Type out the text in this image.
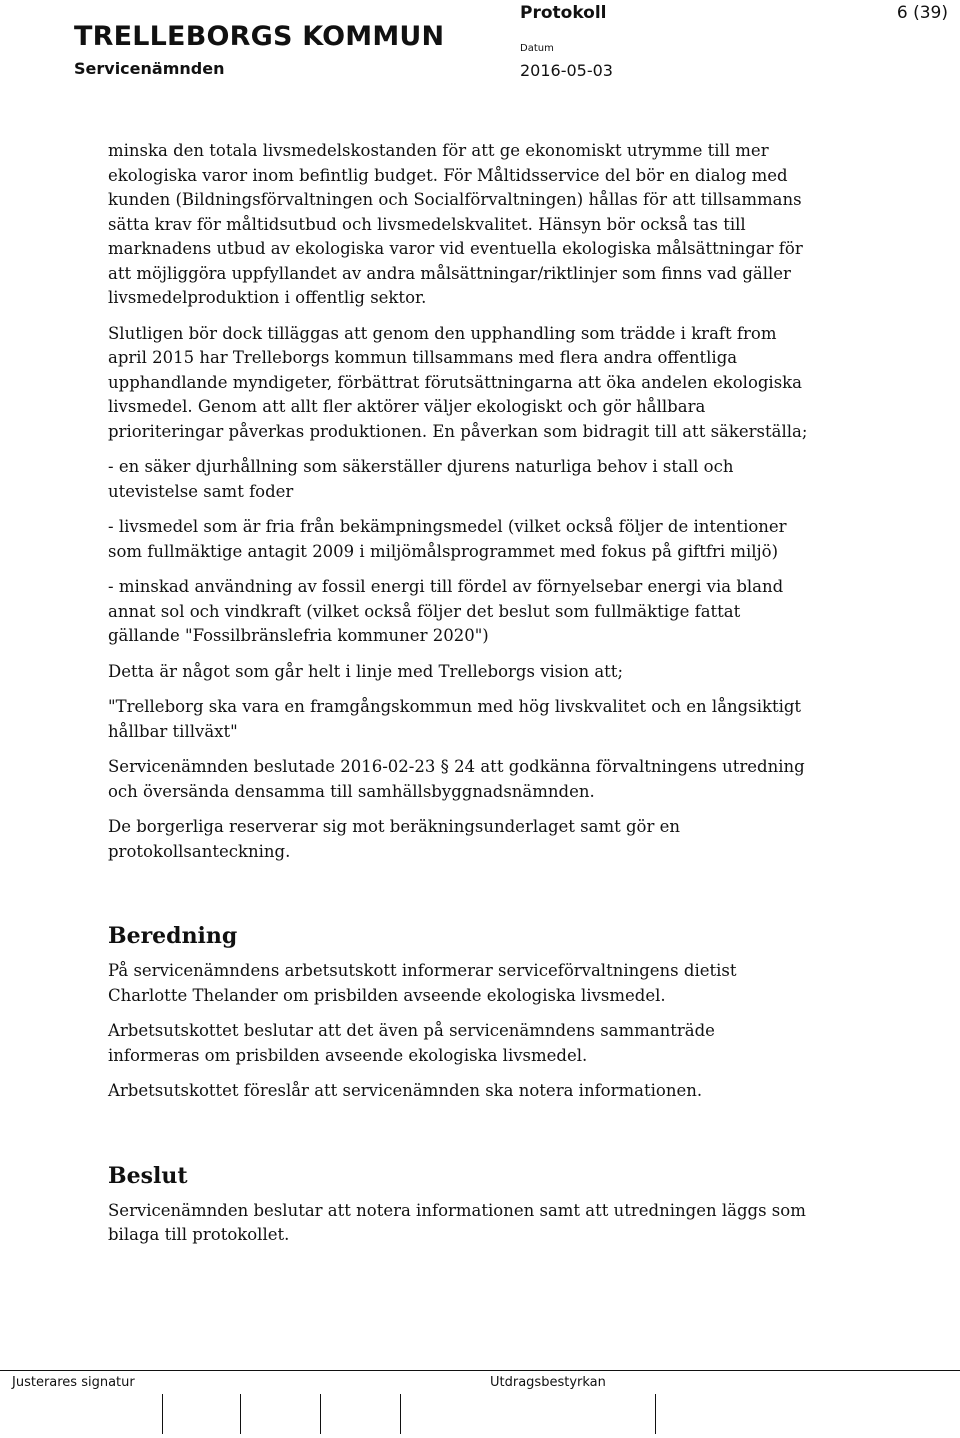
TRELLEBORGS KOMMUN
Servicenämnden
Protokoll	6 (39)
Datum
2016-05-03

minska den totala livsmedelskostanden för att ge ekonomiskt utrymme till mer ekologiska varor inom befintlig budget. För Måltidsservice del bör en dialog med kunden (Bildningsförvaltningen och Socialförvaltningen) hållas för att tillsammans sätta krav för måltidsutbud och livsmedelskvalitet. Hänsyn bör också tas till marknadens utbud av ekologiska varor vid eventuella ekologiska målsättningar för att möjliggöra uppfyllandet av andra målsättningar/riktlinjer som finns vad gäller livsmedelproduktion i offentlig sektor.

Slutligen bör dock tilläggas att genom den upphandling som trädde i kraft from april 2015 har Trelleborgs kommun tillsammans med flera andra offentliga upphandlande myndigeter, förbättrat förutsättningarna att öka andelen ekologiska livsmedel. Genom att allt fler aktörer väljer ekologiskt och gör hållbara prioriteringar påverkas produktionen. En påverkan som bidragit till att säkerställa;

- en säker djurhållning som säkerställer djurens naturliga behov i stall och utevistelse samt foder

- livsmedel som är fria från bekämpningsmedel (vilket också följer de intentioner som fullmäktige antagit 2009 i miljömålsprogrammet med fokus på giftfri miljö)

- minskad användning av fossil energi till fördel av förnyelsebar energi via bland annat sol och vindkraft (vilket också följer det beslut som fullmäktige fattat gällande "Fossilbränslefria kommuner 2020")

Detta är något som går helt i linje med Trelleborgs vision att;

"Trelleborg ska vara en framgångskommun med hög livskvalitet och en långsiktigt hållbar tillväxt"

Servicenämnden beslutade 2016-02-23 § 24 att godkänna förvaltningens utredning och översända densamma till samhällsbyggnadsnämnden.

De borgerliga reserverar sig mot beräkningsunderlaget samt gör en protokollsanteckning.

Beredning

På servicenämndens arbetsutskott informerar serviceförvaltningens dietist Charlotte Thelander om prisbilden avseende ekologiska livsmedel.

Arbetsutskottet beslutar att det även på servicenämndens sammanträde informeras om prisbilden avseende ekologiska livsmedel.

Arbetsutskottet föreslår att servicenämnden ska notera informationen.

Beslut

Servicenämnden beslutar att notera informationen samt att utredningen läggs som bilaga till protokollet.

Justerares signatur	Utdragsbestyrkan
